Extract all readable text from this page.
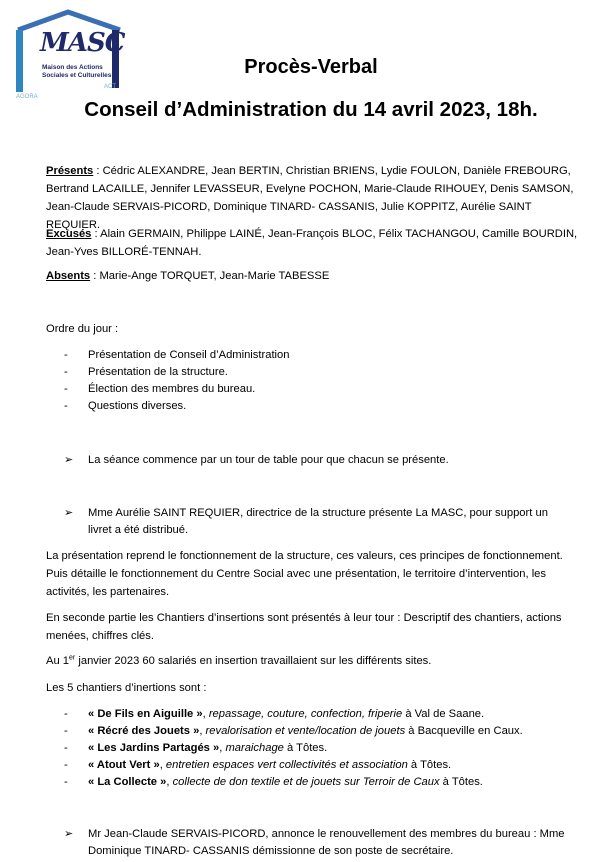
MASC
Maison des Actions Sociales et Culturelles
AGORA
ACT
Procès-Verbal
Conseil d’Administration du 14 avril 2023, 18h.
Présents : Cédric ALEXANDRE, Jean BERTIN, Christian BRIENS, Lydie FOULON, Danièle FREBOURG, Bertrand LACAILLE, Jennifer LEVASSEUR, Evelyne POCHON, Marie-Claude RIHOUEY, Denis SAMSON, Jean-Claude SERVAIS-PICORD, Dominique TINARD- CASSANIS, Julie KOPPITZ, Aurélie SAINT REQUIER.
Excusés : Alain GERMAIN, Philippe LAINÉ, Jean-François BLOC, Félix TACHANGOU, Camille BOURDIN, Jean-Yves BILLORÉ-TENNAH.
Absents : Marie-Ange TORQUET, Jean-Marie TABESSE
Ordre du jour :
- Présentation de Conseil d’Administration
- Présentation de la structure.
- Élection des membres du bureau.
- Questions diverses.
➢	La séance commence par un tour de table pour que chacun se présente.
➢	Mme Aurélie SAINT REQUIER, directrice de la structure présente La MASC, pour support un livret a été distribué.
La présentation reprend le fonctionnement de la structure, ces valeurs, ces principes de fonctionnement. Puis détaille le fonctionnement du Centre Social avec une présentation, le territoire d’intervention, les activités, les partenaires.
En seconde partie les Chantiers d’insertions sont présentés à leur tour : Descriptif des chantiers, actions menées, chiffres clés.
Au 1er janvier 2023 60 salariés en insertion travaillaient sur les différents sites.
Les 5 chantiers d’inertions sont :
- « De Fils en Aiguille », repassage, couture, confection, friperie à Val de Saane.
- « Récré des Jouets », revalorisation et vente/location de jouets à Bacqueville en Caux.
- « Les Jardins Partagés », maraichage à Tôtes.
- « Atout Vert », entretien espaces vert collectivités et association à Tôtes.
- « La Collecte », collecte de don textile et de jouets sur Terroir de Caux à Tôtes.
➢	Mr Jean-Claude SERVAIS-PICORD, annonce le renouvellement des membres du bureau : Mme Dominique TINARD- CASSANIS démissionne de son poste de secrétaire.
